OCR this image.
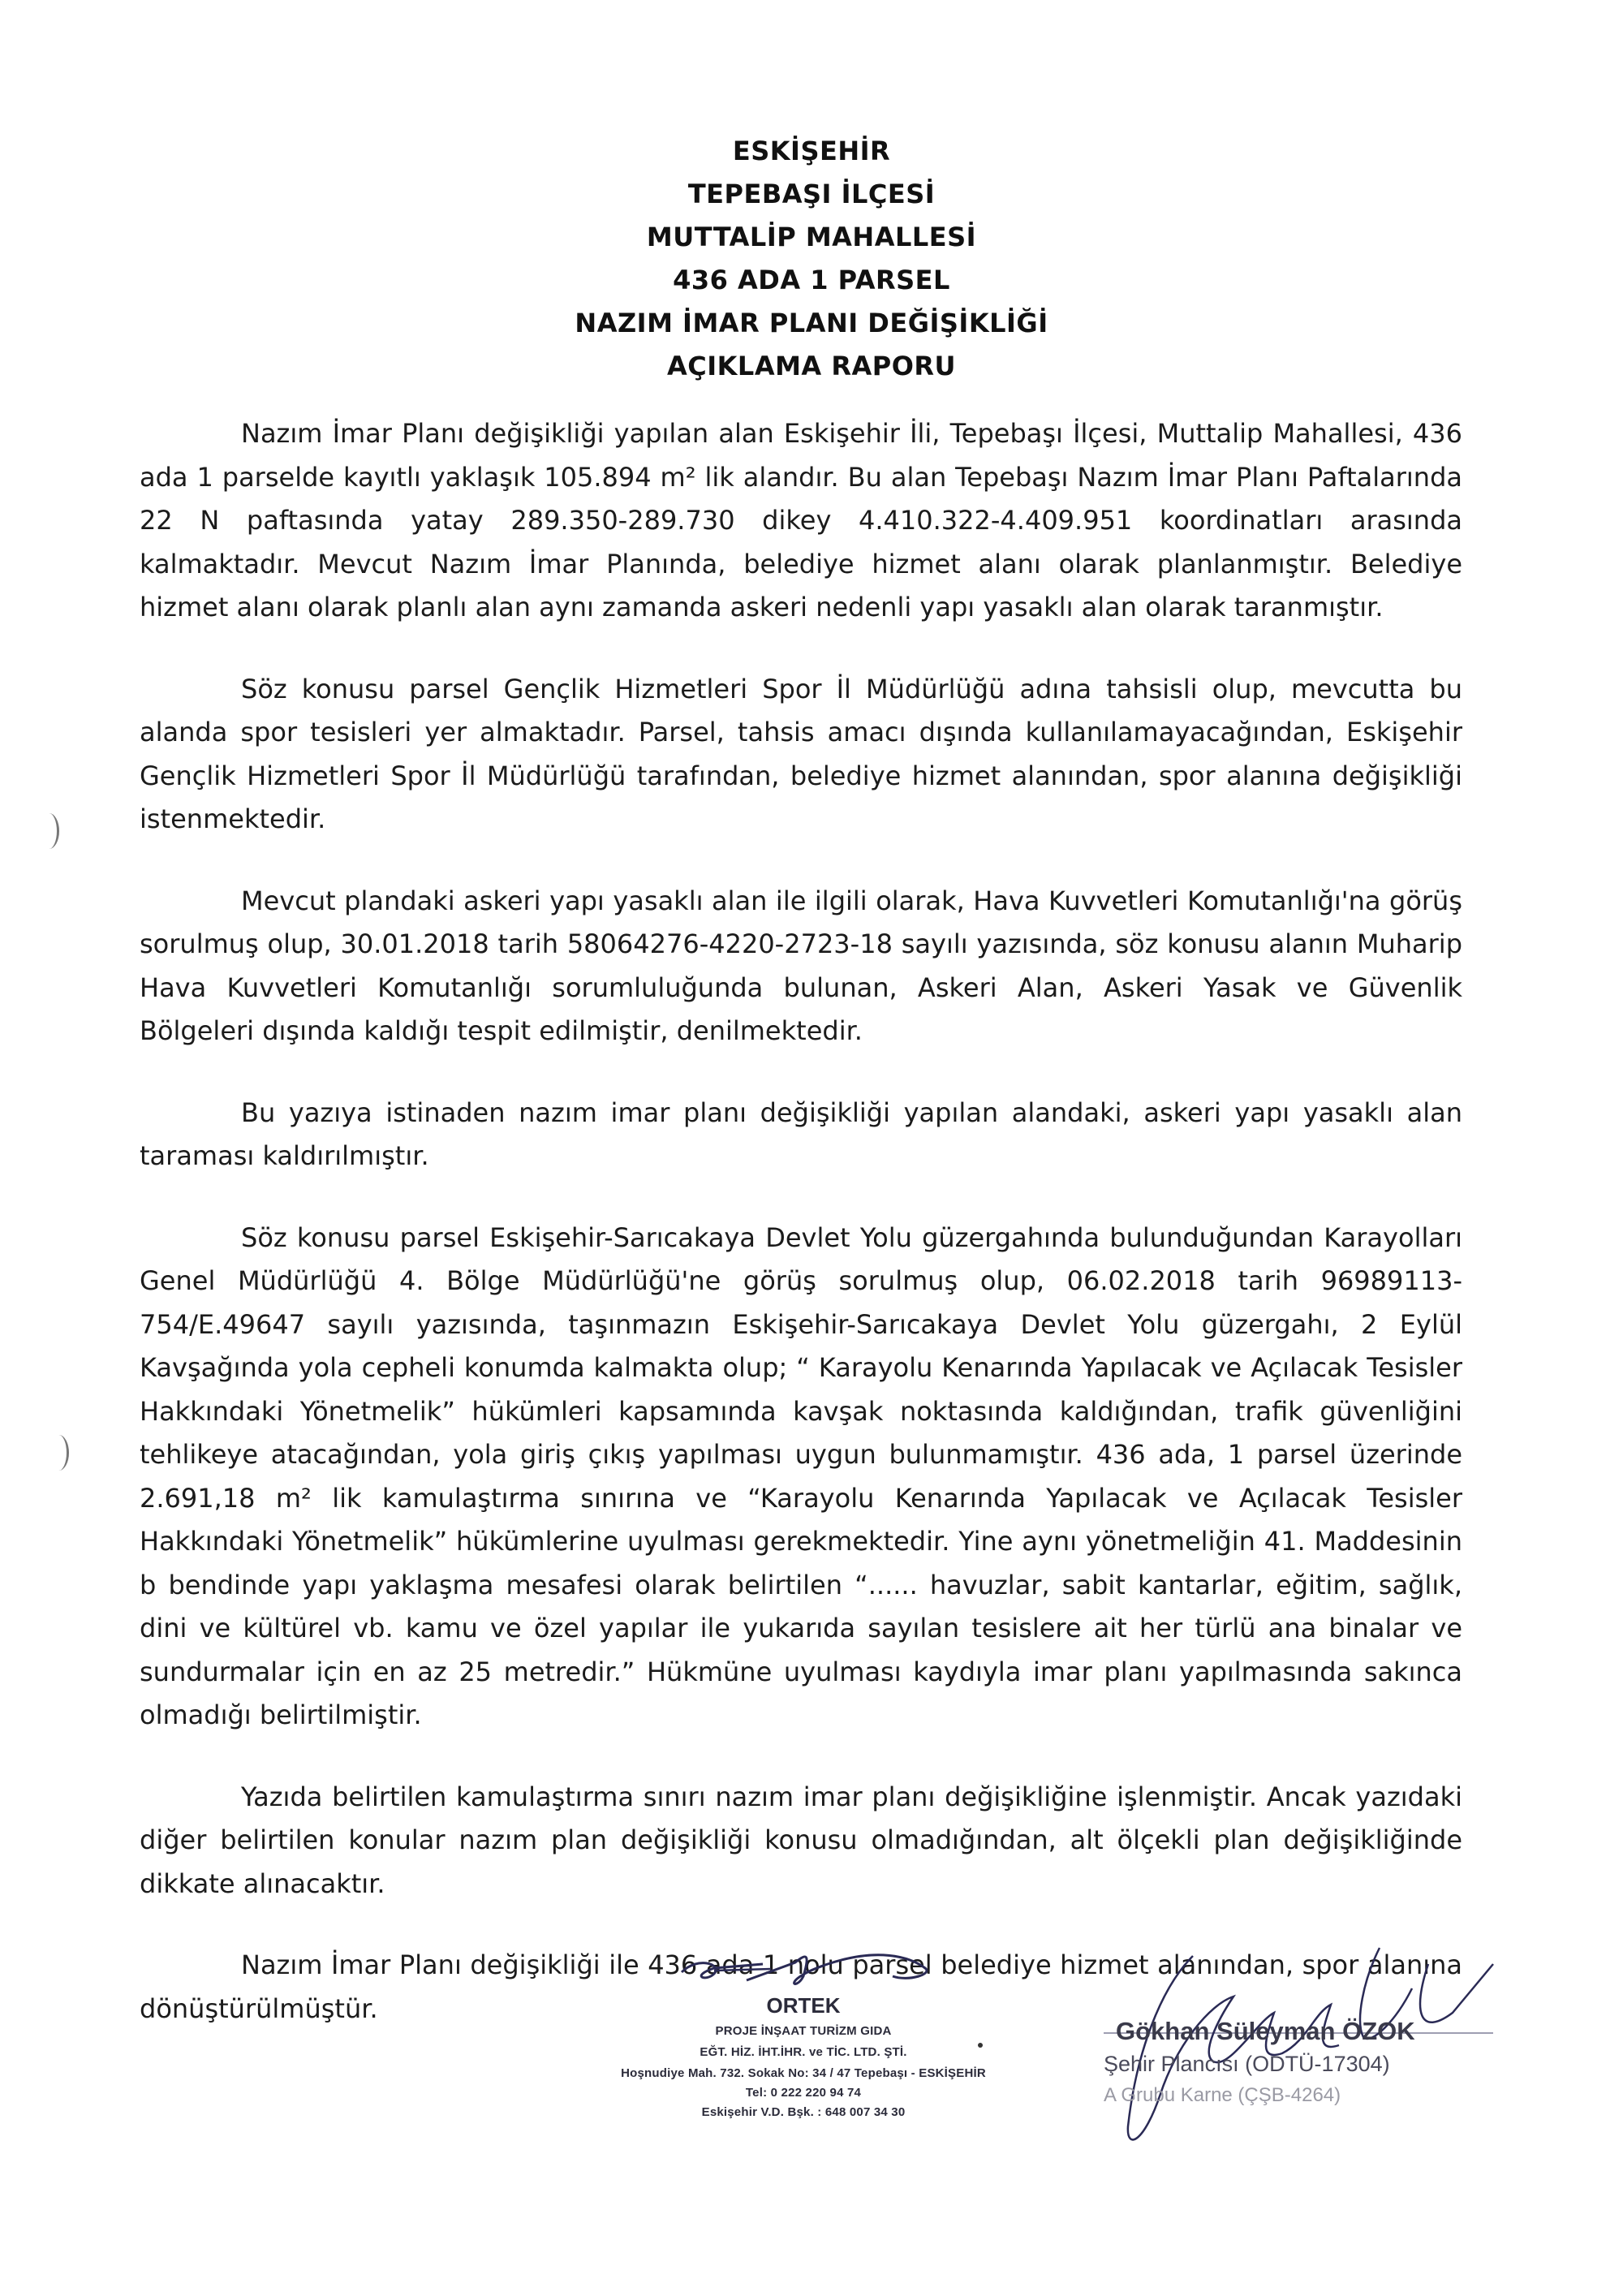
ESKİŞEHİR
TEPEBAŞI İLÇESİ
MUTTALİP MAHALLESİ
436 ADA 1 PARSEL
NAZIM İMAR PLANI DEĞİŞİKLİĞİ
AÇIKLAMA RAPORU

Nazım İmar Planı değişikliği yapılan alan Eskişehir İli, Tepebaşı İlçesi, Muttalip Mahallesi, 436 ada 1 parselde kayıtlı yaklaşık 105.894 m² lik alandır. Bu alan Tepebaşı Nazım İmar Planı Paftalarında 22 N paftasında yatay 289.350-289.730 dikey 4.410.322-4.409.951 koordinatları arasında kalmaktadır. Mevcut Nazım İmar Planında, belediye hizmet alanı olarak planlanmıştır. Belediye hizmet alanı olarak planlı alan aynı zamanda askeri nedenli yapı yasaklı alan olarak taranmıştır.

Söz konusu parsel Gençlik Hizmetleri Spor İl Müdürlüğü adına tahsisli olup, mevcutta bu alanda spor tesisleri yer almaktadır. Parsel, tahsis amacı dışında kullanılamayacağından, Eskişehir Gençlik Hizmetleri Spor İl Müdürlüğü tarafından, belediye hizmet alanından, spor alanına değişikliği istenmektedir.

Mevcut plandaki askeri yapı yasaklı alan ile ilgili olarak, Hava Kuvvetleri Komutanlığı'na görüş sorulmuş olup, 30.01.2018 tarih 58064276-4220-2723-18 sayılı yazısında, söz konusu alanın Muharip Hava Kuvvetleri Komutanlığı sorumluluğunda bulunan, Askeri Alan, Askeri Yasak ve Güvenlik Bölgeleri dışında kaldığı tespit edilmiştir, denilmektedir.

Bu yazıya istinaden nazım imar planı değişikliği yapılan alandaki, askeri yapı yasaklı alan taraması kaldırılmıştır.

Söz konusu parsel Eskişehir-Sarıcakaya Devlet Yolu güzergahında bulunduğundan Karayolları Genel Müdürlüğü 4. Bölge Müdürlüğü'ne görüş sorulmuş olup, 06.02.2018 tarih 96989113-754/E.49647 sayılı yazısında, taşınmazın Eskişehir-Sarıcakaya Devlet Yolu güzergahı, 2 Eylül Kavşağında yola cepheli konumda kalmakta olup; “ Karayolu Kenarında Yapılacak ve Açılacak Tesisler Hakkındaki Yönetmelik” hükümleri kapsamında kavşak noktasında kaldığından, trafik güvenliğini tehlikeye atacağından, yola giriş çıkış yapılması uygun bulunmamıştır. 436 ada, 1 parsel üzerinde 2.691,18 m² lik kamulaştırma sınırına ve “Karayolu Kenarında Yapılacak ve Açılacak Tesisler Hakkındaki Yönetmelik” hükümlerine uyulması gerekmektedir. Yine aynı yönetmeliğin 41. Maddesinin b bendinde yapı yaklaşma mesafesi olarak belirtilen “...... havuzlar, sabit kantarlar, eğitim, sağlık, dini ve kültürel vb. kamu ve özel yapılar ile yukarıda sayılan tesislere ait her türlü ana binalar ve sundurmalar için en az 25 metredir.” Hükmüne uyulması kaydıyla imar planı yapılmasında sakınca olmadığı belirtilmiştir.

Yazıda belirtilen kamulaştırma sınırı nazım imar planı değişikliğine işlenmiştir. Ancak yazıdaki diğer belirtilen konular nazım plan değişikliği konusu olmadığından, alt ölçekli plan değişikliğinde dikkate alınacaktır.

Nazım İmar Planı değişikliği ile 436 ada 1 nolu parsel belediye hizmet alanından, spor alanına dönüştürülmüştür.	ORTEK
PROJE İNŞAAT TURİZM GIDA
EĞT. HİZ. İHT.İHR. ve TİC. LTD. ŞTİ.
Hoşnudiye Mah. 732. Sokak No: 34 / 47 Tepebaşı - ESKİŞEHİR
Tel: 0 222 220 94 74
Eskişehir V.D. Bşk. : 648 007 34 30
Gökhan Süleyman ÖZOK
Şehir Plancısı (ODTÜ-17304)
A Grubu Karne (ÇŞB-4264)
